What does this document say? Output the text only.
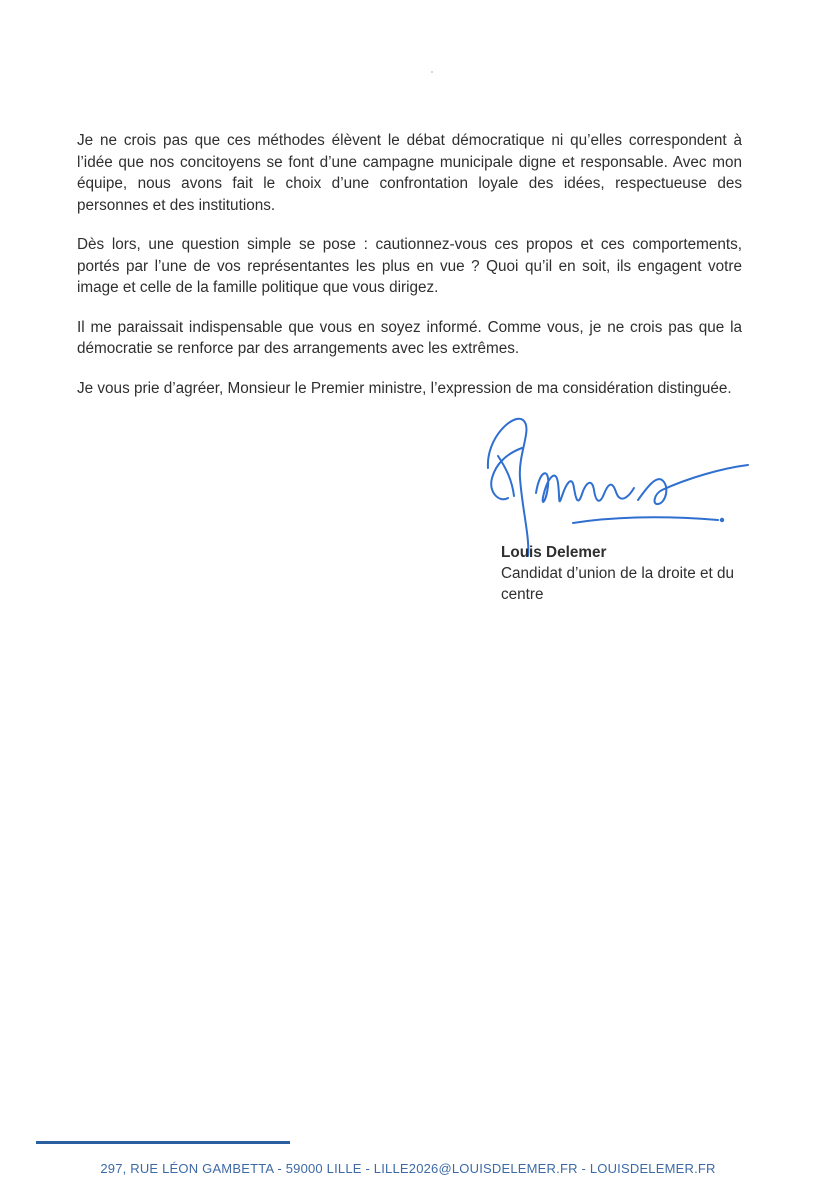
Je ne crois pas que ces méthodes élèvent le débat démocratique ni qu’elles correspondent à l’idée que nos concitoyens se font d’une campagne municipale digne et responsable. Avec mon équipe, nous avons fait le choix d’une confrontation loyale des idées, respectueuse des personnes et des institutions.

Dès lors, une question simple se pose : cautionnez-vous ces propos et ces comportements, portés par l’une de vos représentantes les plus en vue ? Quoi qu’il en soit, ils engagent votre image et celle de la famille politique que vous dirigez.

Il me paraissait indispensable que vous en soyez informé. Comme vous, je ne crois pas que la démocratie se renforce par des arrangements avec les extrêmes.

Je vous prie d’agréer, Monsieur le Premier ministre, l’expression de ma considération distinguée.

Louis Delemer
Candidat d’union de la droite et du centre
297, RUE LÉON GAMBETTA - 59000 LILLE - LILLE2026@LOUISDELEMER.FR - LOUISDELEMER.FR
